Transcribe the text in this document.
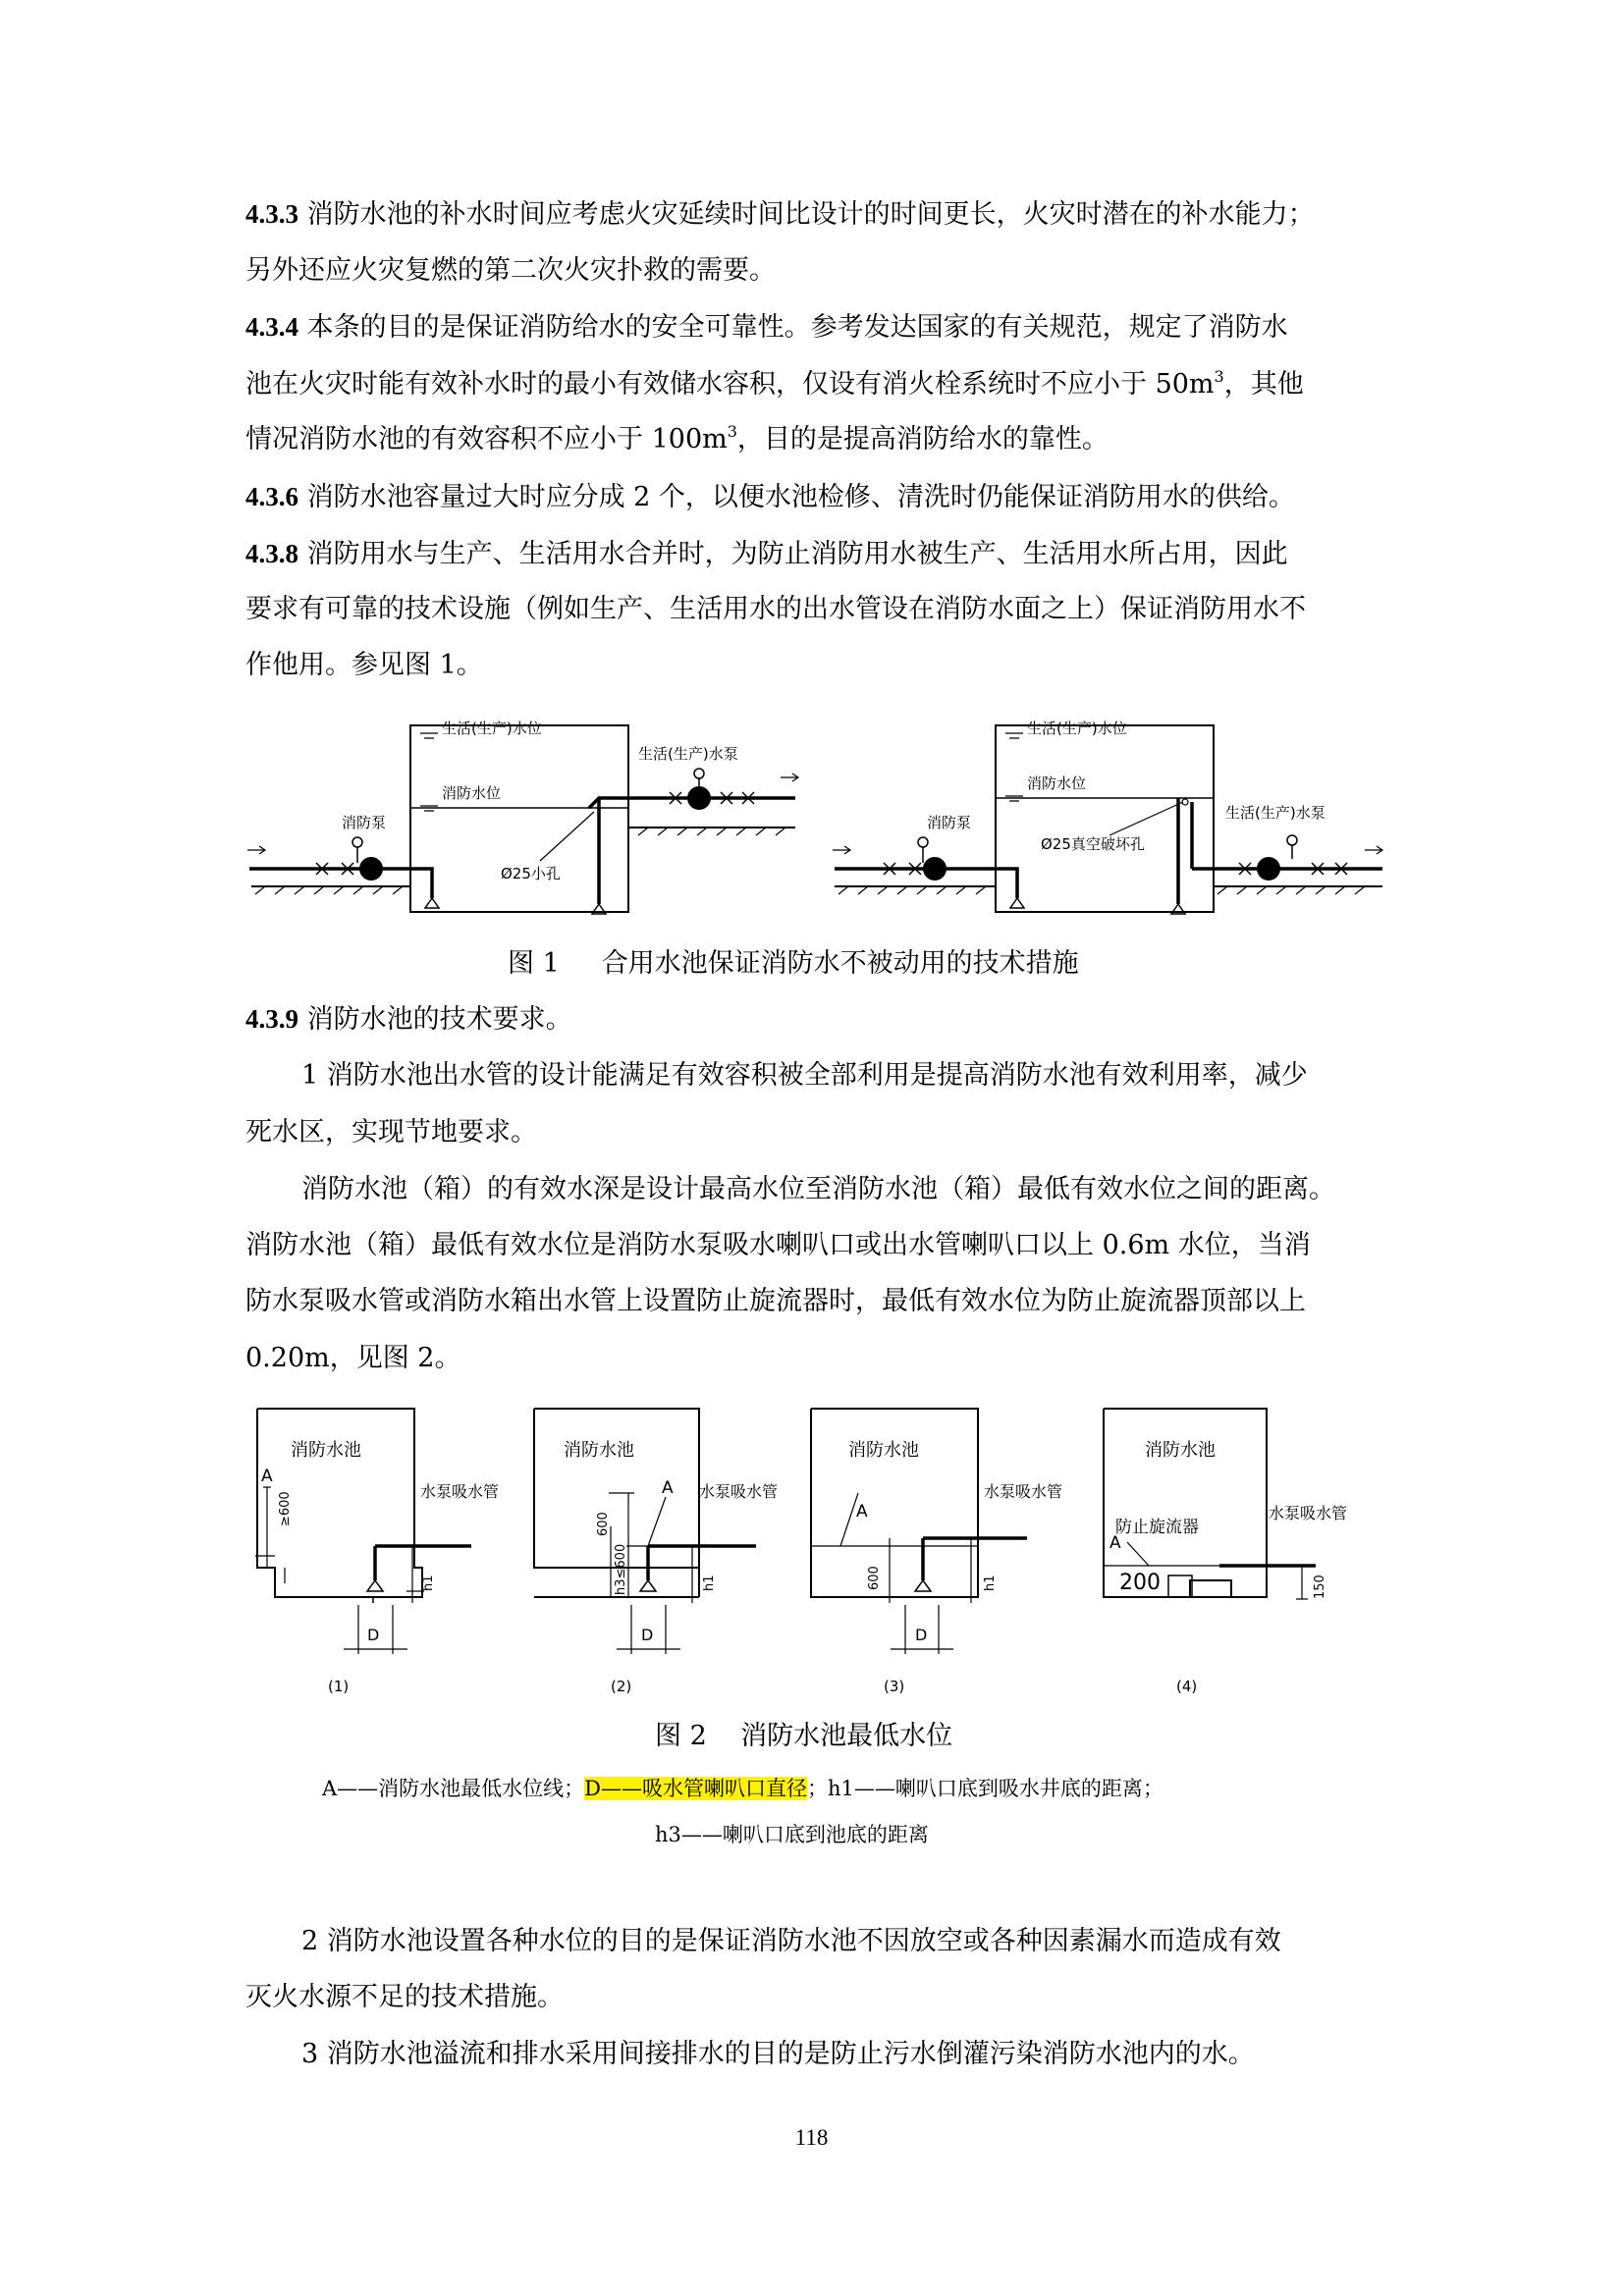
4.3.3 消防水池的补水时间应考虑火灾延续时间比设计的时间更长，火灾时潜在的补水能力；
另外还应火灾复燃的第二次火灾扑救的需要。
4.3.4 本条的目的是保证消防给水的安全可靠性。参考发达国家的有关规范，规定了消防水
池在火灾时能有效补水时的最小有效储水容积，仅设有消火栓系统时不应小于 $50m^3$，其他
情况消防水池的有效容积不应小于 $100m^3$，目的是提高消防给水的靠性。
4.3.6 消防水池容量过大时应分成 2 个，以便水池检修、清洗时仍能保证消防用水的供给。
4.3.8 消防用水与生产、生活用水合并时，为防止消防用水被生产、生活用水所占用，因此
要求有可靠的技术设施（例如生产、生活用水的出水管设在消防水面之上）保证消防用水不
作他用。参见图 1。
生活(生产)水位
消防水位
生活(生产)水泵
消防泵
Ø25小孔
生活(生产)水位
消防水位
生活(生产)水泵
消防泵
Ø25真空破坏孔
图 1 合用水池保证消防水不被动用的技术措施
4.3.9 消防水池的技术要求。
1 消防水池出水管的设计能满足有效容积被全部利用是提高消防水池有效利用率，减少
死水区，实现节地要求。
消防水池（箱）的有效水深是设计最高水位至消防水池（箱）最低有效水位之间的距离。
消防水池（箱）最低有效水位是消防水泵吸水喇叭口或出水管喇叭口以上 0.6m 水位，当消
防水泵吸水管或消防水箱出水管上设置防止旋流器时，最低有效水位为防止旋流器顶部以上
0.20m，见图 2。
A
消防水池
水泵吸水管
≥600
h1
D
(1)
消防水池
A 水泵吸水管
600
h3≤600	h1
D
(2)
消防水池
A
水泵吸水管
600	h1
D
(3)
消防水池
水泵吸水管
防止旋流器
A
200	150
(4)
图 2 消防水池最低水位
A——消防水池最低水位线；D——吸水管喇叭口直径；h1——喇叭口底到吸水井底的距离；
h3——喇叭口底到池底的距离
2 消防水池设置各种水位的目的是保证消防水池不因放空或各种因素漏水而造成有效
灭火水源不足的技术措施。
3 消防水池溢流和排水采用间接排水的目的是防止污水倒灌污染消防水池内的水。
118
